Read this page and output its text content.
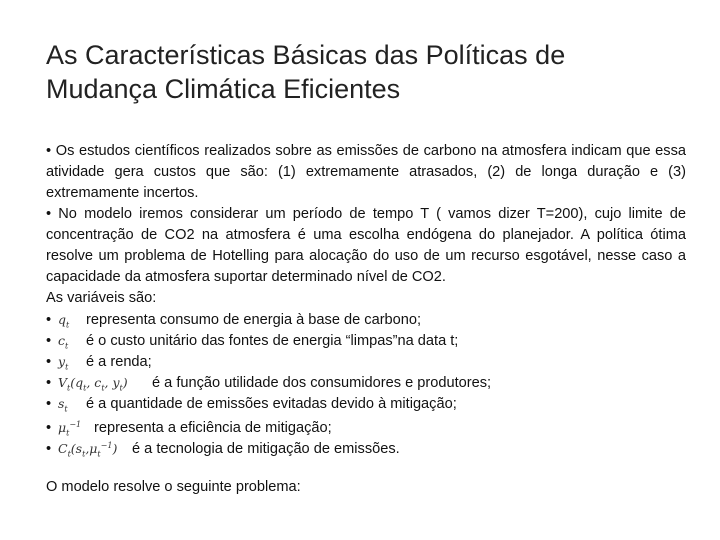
As Características Básicas das Políticas de
Mudança Climática Eficientes

• Os estudos científicos realizados sobre as emissões de carbono na atmosfera indicam que essa atividade gera custos que são: (1) extremamente atrasados, (2) de longa duração e (3) extremamente incertos.

• No modelo iremos considerar um período de tempo T ( vamos dizer T=200), cujo limite de concentração de CO2 na atmosfera é uma escolha endógena do planejador. A política ótima resolve um problema de Hotelling para alocação do uso de um recurso esgotável, nesse caso a capacidade da atmosfera suportar determinado nível de CO2.

As variáveis são:

• $q_t$	representa consumo de energia à base de carbono;
• $c_t$	é o custo unitário das fontes de energia “limpas”na data t;
• $y_t$	é a renda;
• $V_t(q_t$, $c_t$, $y_t$)	é a função utilidade dos consumidores e produtores;
• $s_t$	é a quantidade de emissões evitadas devido à mitigação;
• $\mu_t^{-1}$ representa a eficiência de mitigação;
• $C_t(s_t,\mu_t^{-1})$	é a tecnologia de mitigação de emissões.

O modelo resolve o seguinte problema:
